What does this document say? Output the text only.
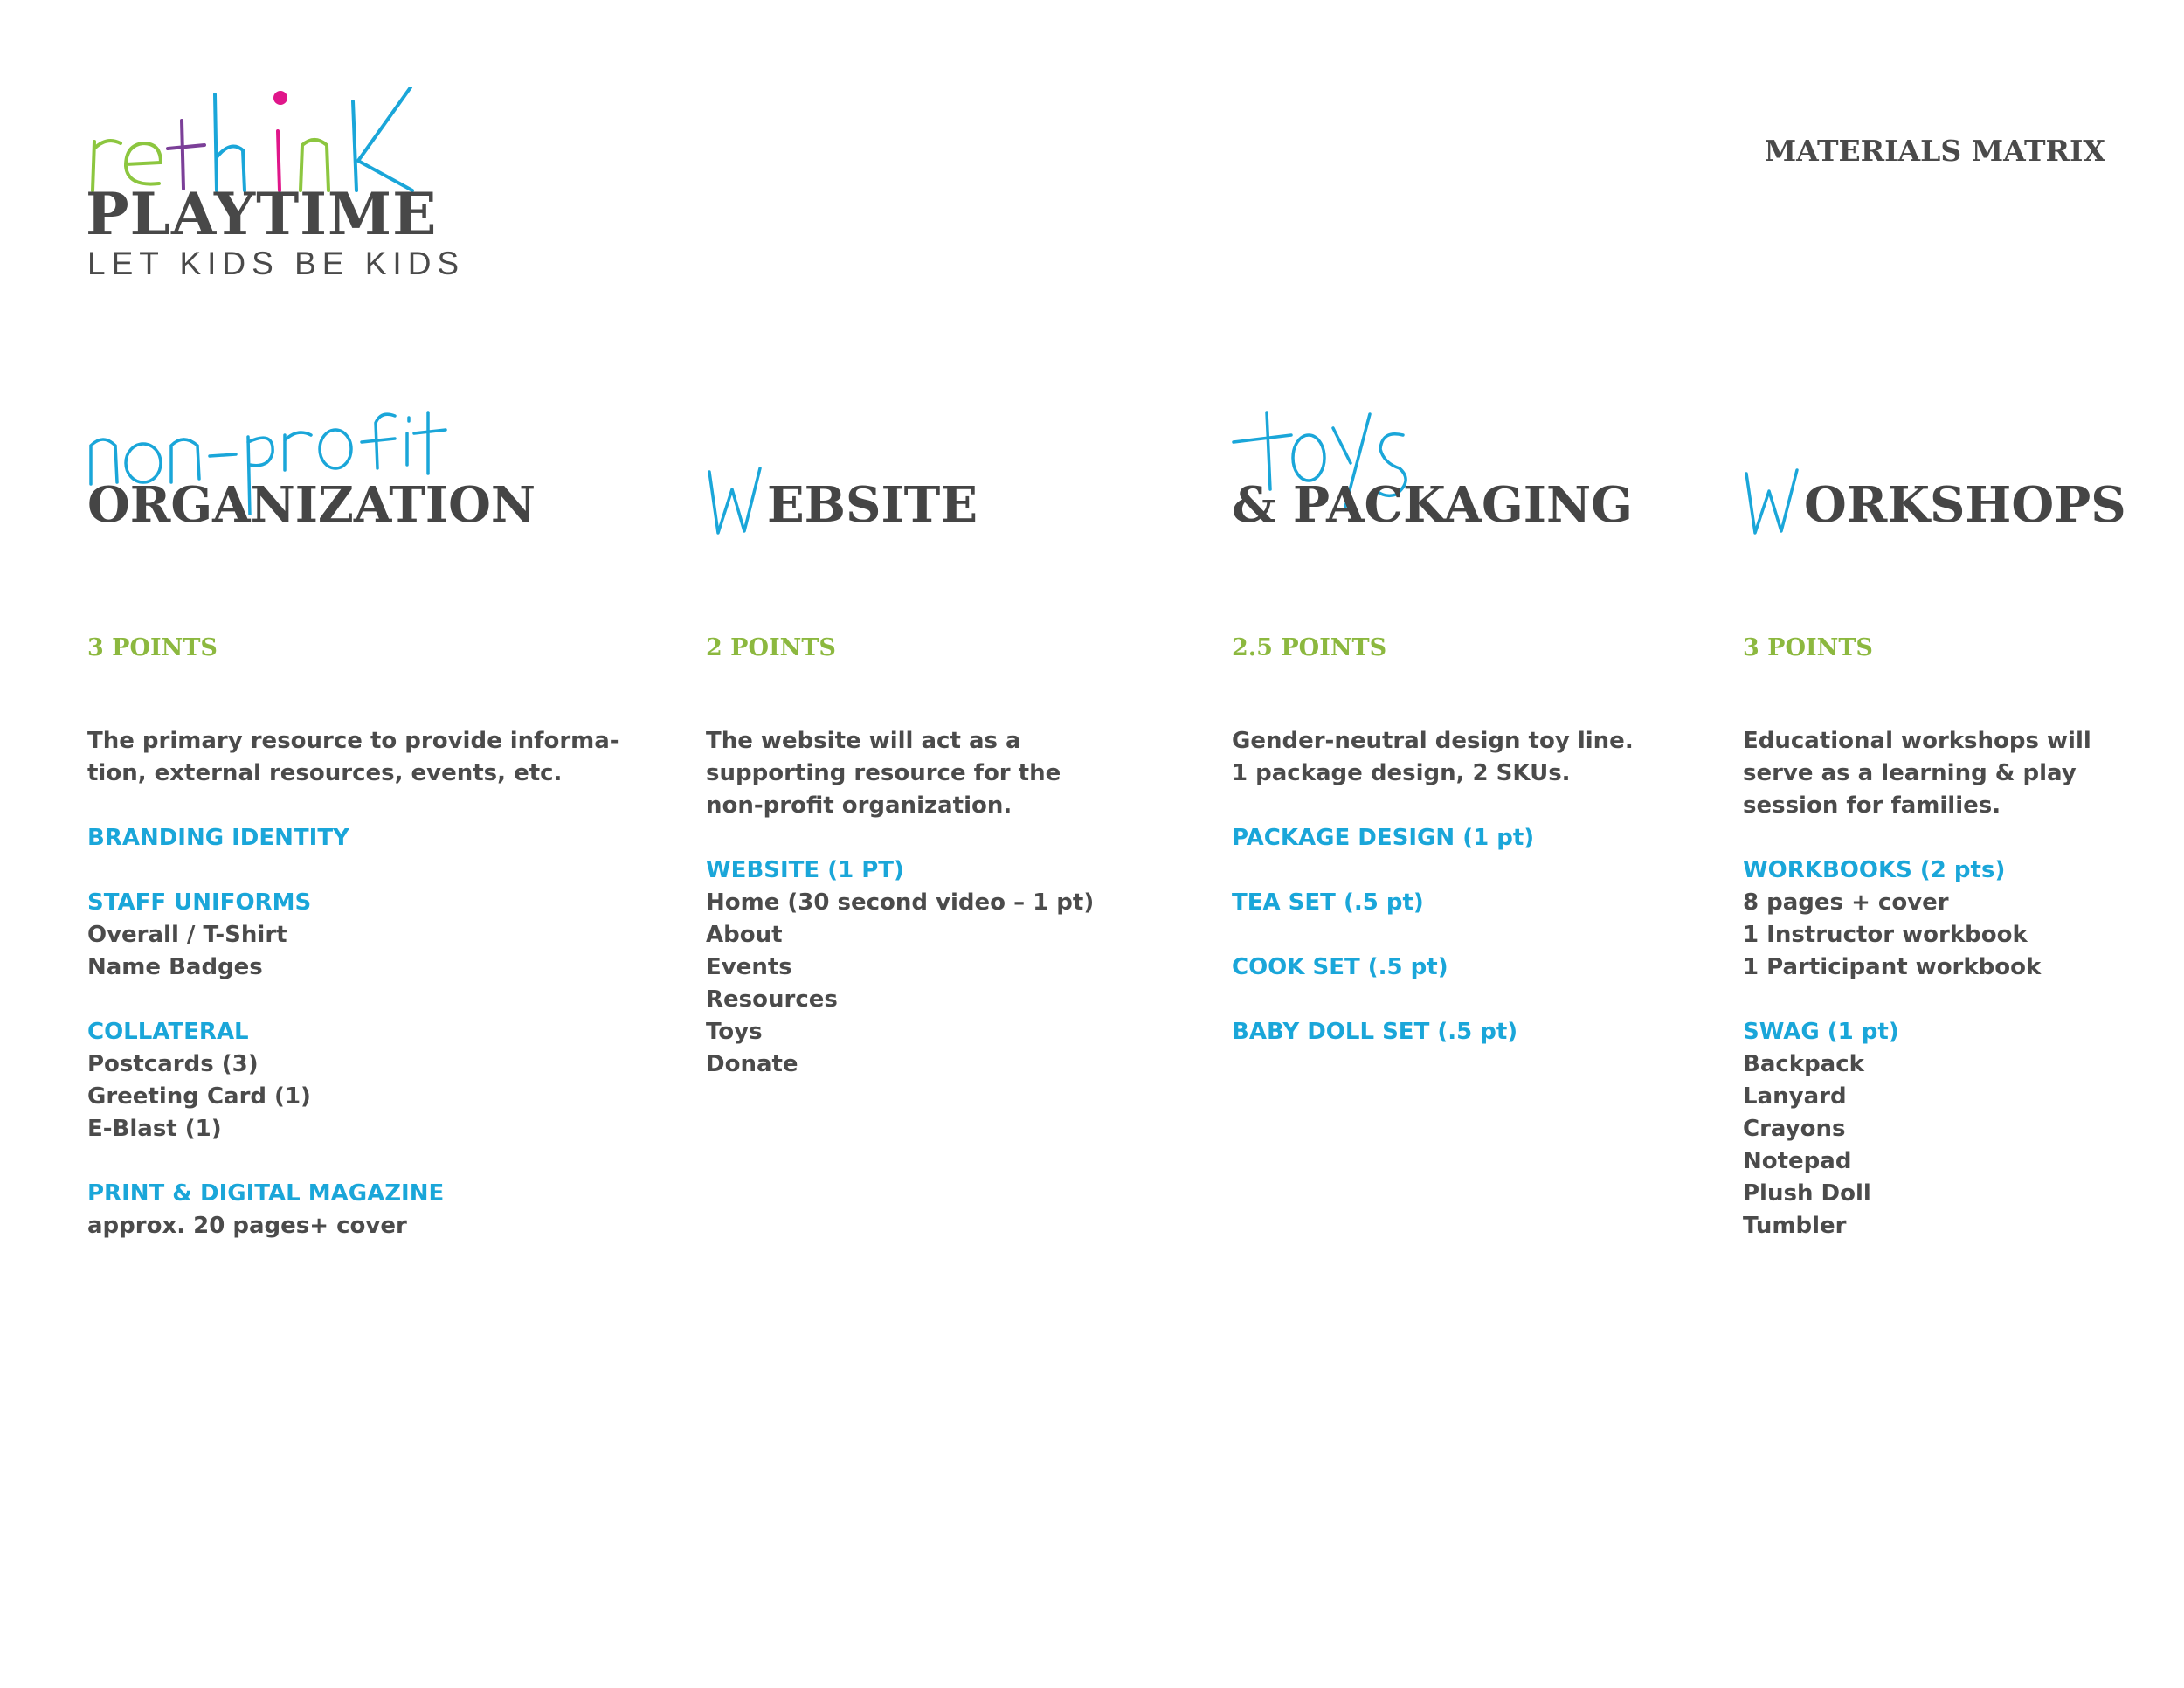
PLAYTIME
LET KIDS BE KIDS
MATERIALS MATRIX
ORGANIZATION
3 POINTS
The primary resource to provide informa-
tion, external resources, events, etc.
BRANDING IDENTITY
STAFF UNIFORMS
Overall / T-Shirt
Name Badges
COLLATERAL
Postcards (3)
Greeting Card (1)
E-Blast (1)
PRINT & DIGITAL MAGAZINE
approx. 20 pages+ cover
EBSITE
2 POINTS
The website will act as a
supporting resource for the
non-profit organization.
WEBSITE (1 PT)
Home (30 second video – 1 pt)
About
Events
Resources
Toys
Donate
& PACKAGING
2.5 POINTS
Gender-neutral design toy line.
1 package design, 2 SKUs.
PACKAGE DESIGN (1 pt)
TEA SET (.5 pt)
COOK SET (.5 pt)
BABY DOLL SET (.5 pt)
ORKSHOPS
3 POINTS
Educational workshops will
serve as a learning & play
session for families.
WORKBOOKS (2 pts)
8 pages + cover
1 Instructor workbook
1 Participant workbook
SWAG (1 pt)
Backpack
Lanyard
Crayons
Notepad
Plush Doll
Tumbler
